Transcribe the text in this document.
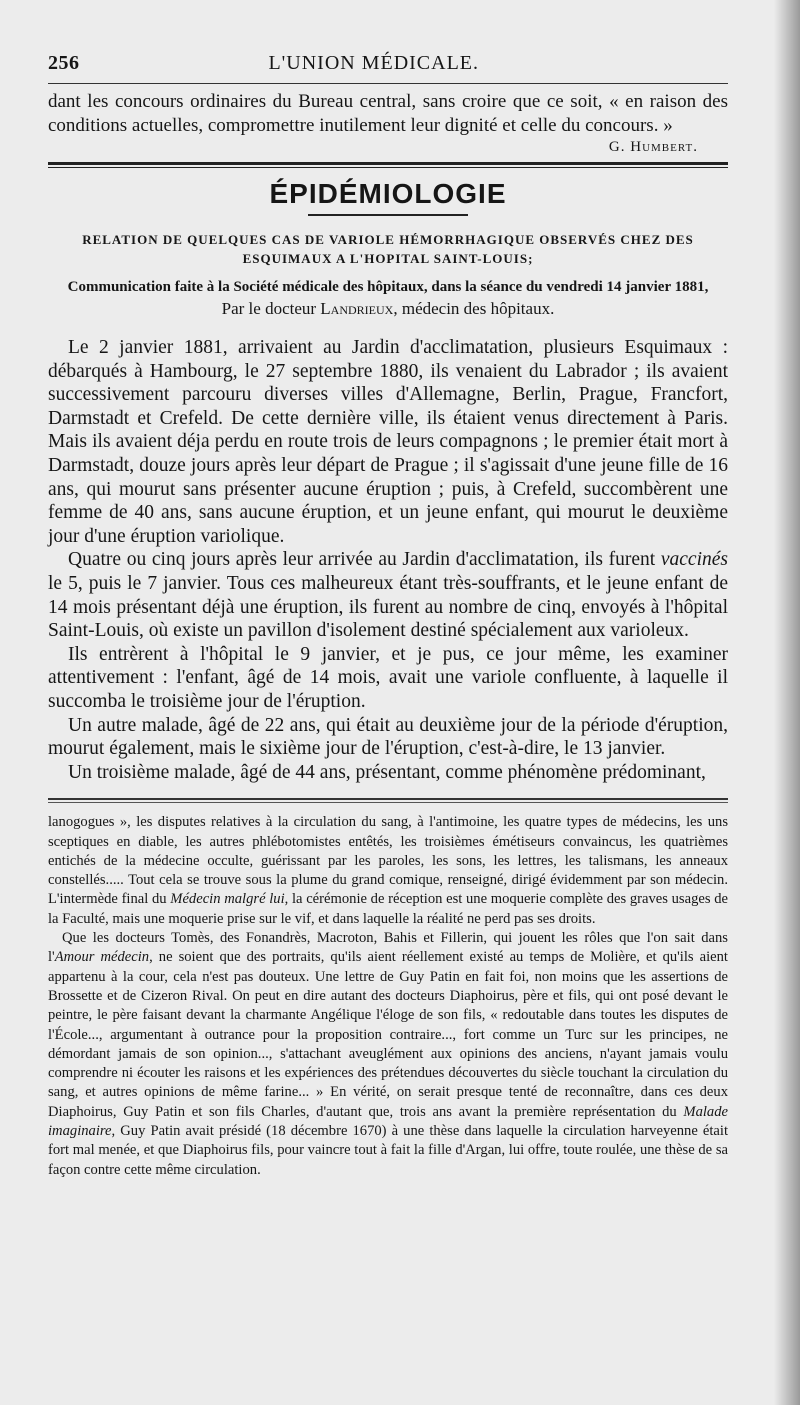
256	L'UNION MÉDICALE.

dant les concours ordinaires du Bureau central, sans croire que ce soit, « en raison des conditions actuelles, compromettre inutilement leur dignité et celle du concours. »

G. Humbert.
ÉPIDÉMIOLOGIE
RELATION DE QUELQUES CAS DE VARIOLE HÉMORRHAGIQUE OBSERVÉS CHEZ DES
ESQUIMAUX A L'HOPITAL SAINT-LOUIS;

Communication faite à la Société médicale des hôpitaux, dans la séance du vendredi 14 janvier 1881,

Par le docteur Landrieux, médecin des hôpitaux.

Le 2 janvier 1881, arrivaient au Jardin d'acclimatation, plusieurs Esquimaux : débarqués à Hambourg, le 27 septembre 1880, ils venaient du Labrador ; ils avaient successivement parcouru diverses villes d'Allemagne, Berlin, Prague, Francfort, Darmstadt et Crefeld. De cette dernière ville, ils étaient venus directement à Paris. Mais ils avaient déja perdu en route trois de leurs compagnons ; le premier était mort à Darmstadt, douze jours après leur départ de Prague ; il s'agissait d'une jeune fille de 16 ans, qui mourut sans présenter aucune éruption ; puis, à Crefeld, succombèrent une femme de 40 ans, sans aucune éruption, et un jeune enfant, qui mourut le deuxième jour d'une éruption variolique.

Quatre ou cinq jours après leur arrivée au Jardin d'acclimatation, ils furent vaccinés le 5, puis le 7 janvier. Tous ces malheureux étant très-souffrants, et le jeune enfant de 14 mois présentant déjà une éruption, ils furent au nombre de cinq, envoyés à l'hôpital Saint-Louis, où existe un pavillon d'isolement destiné spécialement aux varioleux.

Ils entrèrent à l'hôpital le 9 janvier, et je pus, ce jour même, les examiner attentivement : l'enfant, âgé de 14 mois, avait une variole confluente, à laquelle il succomba le troisième jour de l'éruption.

Un autre malade, âgé de 22 ans, qui était au deuxième jour de la période d'éruption, mourut également, mais le sixième jour de l'éruption, c'est-à-dire, le 13 janvier.

Un troisième malade, âgé de 44 ans, présentant, comme phénomène prédominant,

lanogogues », les disputes relatives à la circulation du sang, à l'antimoine, les quatre types de médecins, les uns sceptiques en diable, les autres phlébotomistes entêtés, les troisièmes émétiseurs convaincus, les quatrièmes entichés de la médecine occulte, guérissant par les paroles, les sons, les lettres, les talismans, les anneaux constellés..... Tout cela se trouve sous la plume du grand comique, renseigné, dirigé évidemment par son médecin. L'intermède final du Médecin malgré lui, la cérémonie de réception est une moquerie complète des graves usages de la Faculté, mais une moquerie prise sur le vif, et dans laquelle la réalité ne perd pas ses droits.

Que les docteurs Tomès, des Fonandrès, Macroton, Bahis et Fillerin, qui jouent les rôles que l'on sait dans l'Amour médecin, ne soient que des portraits, qu'ils aient réellement existé au temps de Molière, et qu'ils aient appartenu à la cour, cela n'est pas douteux. Une lettre de Guy Patin en fait foi, non moins que les assertions de Brossette et de Cizeron Rival. On peut en dire autant des docteurs Diaphoirus, père et fils, qui ont posé devant le peintre, le père faisant devant la charmante Angélique l'éloge de son fils, « redoutable dans toutes les disputes de l'École..., argumentant à outrance pour la proposition contraire..., fort comme un Turc sur les principes, ne démordant jamais de son opinion..., s'attachant aveuglément aux opinions des anciens, n'ayant jamais voulu comprendre ni écouter les raisons et les expériences des prétendues découvertes du siècle touchant la circulation du sang, et autres opinions de même farine... » En vérité, on serait presque tenté de reconnaître, dans ces deux Diaphoirus, Guy Patin et son fils Charles, d'autant que, trois ans avant la première représentation du Malade imaginaire, Guy Patin avait présidé (18 décembre 1670) à une thèse dans laquelle la circulation harveyenne était fort mal menée, et que Diaphoirus fils, pour vaincre tout à fait la fille d'Argan, lui offre, toute roulée, une thèse de sa façon contre cette même circulation.
